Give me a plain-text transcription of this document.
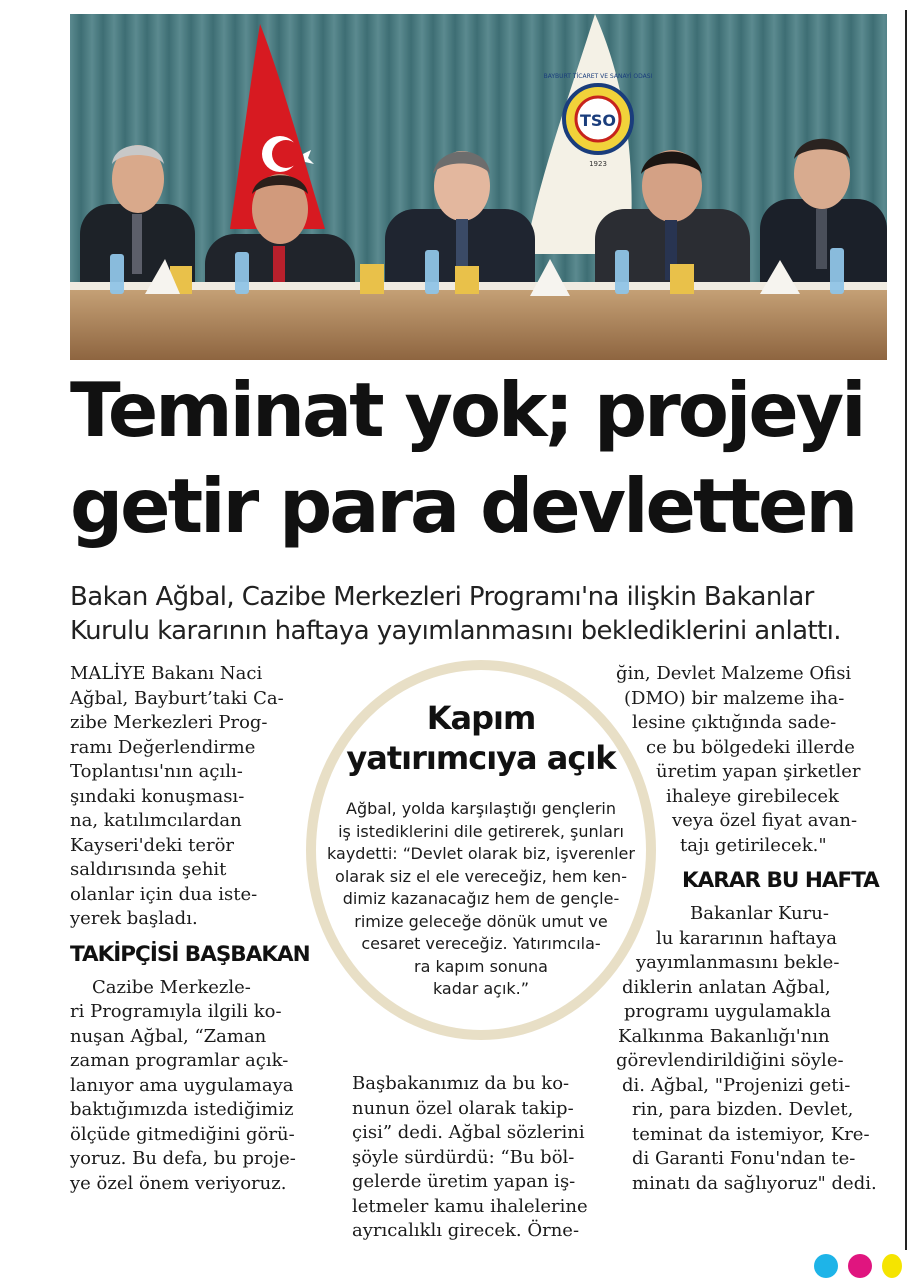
TSO
1923
BAYBURT TİCARET VE SANAYİ ODASI
Teminat yok; projeyi
getir para devletten
Bakan Ağbal, Cazibe Merkezleri Programı'na ilişkin Bakanlar
Kurulu kararının haftaya yayımlanmasını beklediklerini anlattı.
MALİYE Bakanı Naci
Ağbal, Bayburt’taki Ca-
zibe Merkezleri Prog-
ramı Değerlendirme
Toplantısı'nın açılı-
şındaki konuşması-
na, katılımcılardan
Kayseri'deki terör
saldırısında şehit
olanlar için dua iste-
yerek başladı.
TAKİPÇİSİ BAŞBAKAN
Cazibe Merkezle-
ri Programıyla ilgili ko-
nuşan Ağbal, “Zaman
zaman programlar açık-
lanıyor ama uygulamaya
baktığımızda istediğimiz
ölçüde gitmediğini görü-
yoruz. Bu defa, bu proje-
ye özel önem veriyoruz.
Kapım
yatırımcıya açık
Ağbal, yolda karşılaştığı gençlerin
iş istediklerini dile getirerek, şunları
kaydetti: “Devlet olarak biz, işverenler
olarak siz el ele vereceğiz, hem ken-
dimiz kazanacağız hem de gençle-
rimize geleceğe dönük umut ve
cesaret vereceğiz. Yatırımcıla-
ra kapım sonuna
kadar açık.”
Başbakanımız da bu ko-
nunun özel olarak takip-
çisi” dedi. Ağbal sözlerini
şöyle sürdürdü: “Bu böl-
gelerde üretim yapan iş-
letmeler kamu ihalelerine
ayrıcalıklı girecek. Örne-
ğin, Devlet Malzeme Ofisi
(DMO) bir malzeme iha-
lesine çıktığında sade-
ce bu bölgedeki illerde
üretim yapan şirketler
ihaleye girebilecek
veya özel fiyat avan-
tajı getirilecek."
KARAR BU HAFTA
Bakanlar Kuru-
lu kararının haftaya
yayımlanmasını bekle-
diklerin anlatan Ağbal,
programı uygulamakla
Kalkınma Bakanlığı'nın
görevlendirildiğini söyle-
di. Ağbal, "Projenizi geti-
rin, para bizden. Devlet,
teminat da istemiyor, Kre-
di Garanti Fonu'ndan te-
minatı da sağlıyoruz" dedi.
